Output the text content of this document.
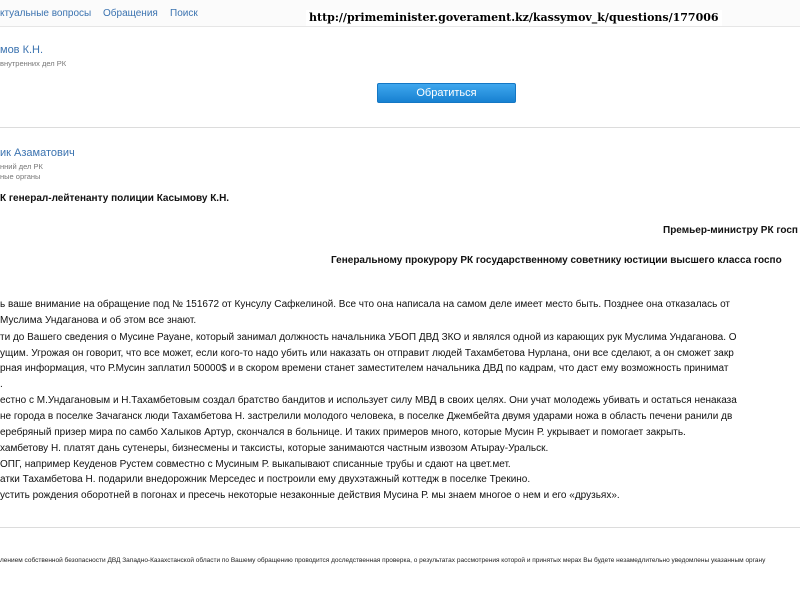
ктуальные вопросы Обращения Поиск	http://primeminister.goverament.kz/kassymov_k/questions/177006
мов К.Н.
внутренних дел РК
Обратиться
ик Азаматович
нний дел РК
ные органы
К генерал-лейтенанту полиции Касымову К.Н.
Премьер-министру РК госп
Генеральному прокурору РК государственному советнику юстиции высшего класса госпо
ь ваше внимание на обращение под № 151672 от Кунсулу Сафкелиной. Все что она написала на самом деле имеет место быть. Позднее она отказалась от
Муслима Ундаганова и об этом все знают.
ти до Вашего сведения о Мусине Рауане, который занимал должность начальника УБОП ДВД ЗКО и являлся одной из карающих рук Муслима Ундаганова. О
ущим. Угрожая он говорит, что все может, если кого-то надо убить или наказать он отправит людей Тахамбетова Нурлана, они все сделают, а он сможет закр
рная информация, что Р.Мусин заплатил 50000$ и в скором времени станет заместителем начальника ДВД по кадрам, что даст ему возможность принимат
.
естно с М.Ундагановым и Н.Тахамбетовым создал братство бандитов и использует силу МВД в своих целях. Они учат молодежь убивать и остаться ненаказа
не города в поселке Зачаганск люди Тахамбетова Н. застрелили молодого человека, в поселке Джембейта двумя ударами ножа в область печени ранили дв
еребряный призер мира по самбо Халыков Артур, скончался в больнице. И таких примеров много, которые Мусин Р. укрывает и помогает закрыть.
хамбетову Н. платят дань сутенеры, бизнесмены и таксисты, которые занимаются частным извозом Атырау-Уральск.
ОПГ, например Кеуденов Рустем совместно с Мусиным Р. выкапывают списанные трубы и сдают на цвет.мет.
атки Тахамбетова Н. подарили внедорожник Мерседес и построили ему двухэтажный коттедж в поселке Трекино.
устить рождения оборотней в погонах и пресечь некоторые незаконные действия Мусина Р. мы знаем многое о нем и его «друзьях».
лением собственной безопасности ДВД Западно-Казахстанской области по Вашему обращению проводится доследственная проверка, о результатах рассмотрения которой и принятых мерах Вы будете незамедлительно уведомлены указанным органу
